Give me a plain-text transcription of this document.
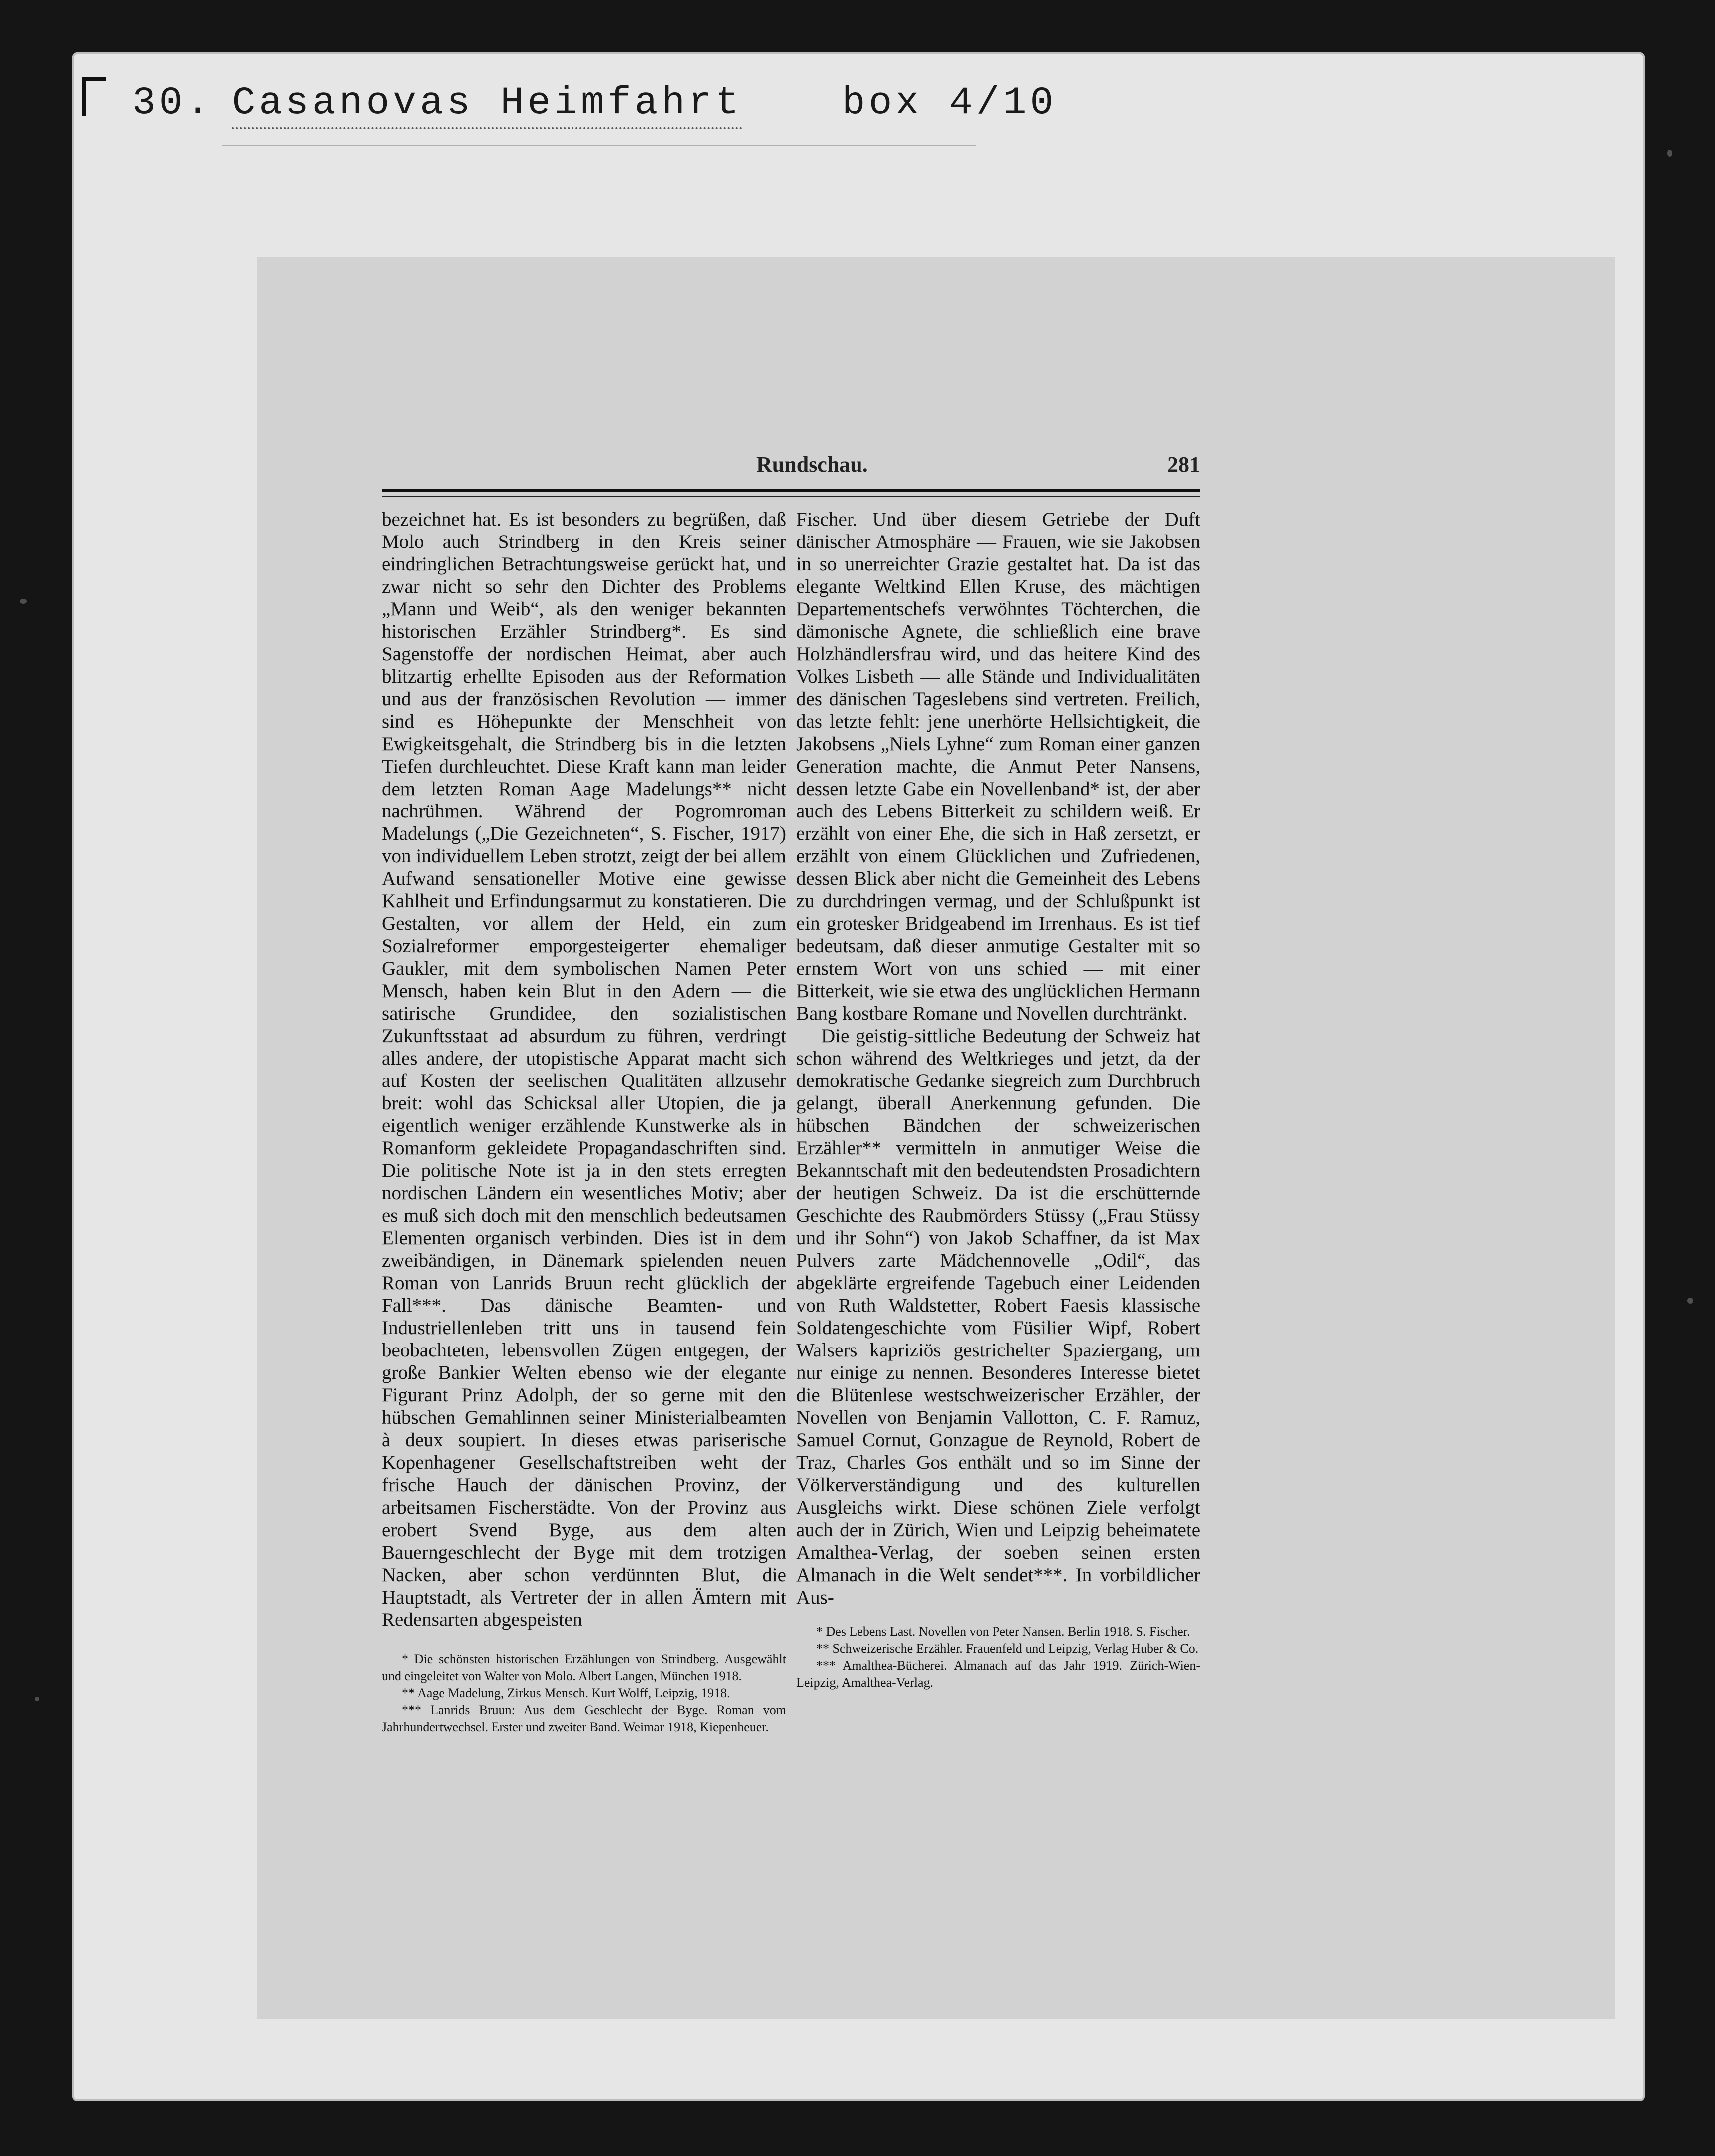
30. Casanovas Heimfahrt	box 4/10
Rundschau.	281

bezeichnet hat. Es ist besonders zu begrüßen, daß Molo auch Strindberg in den Kreis seiner eindringlichen Betrachtungsweise gerückt hat, und zwar nicht so sehr den Dichter des Problems „Mann und Weib“, als den weniger bekannten historischen Erzähler Strindberg*. Es sind Sagenstoffe der nordischen Heimat, aber auch blitzartig erhellte Episoden aus der Reformation und aus der französischen Revolution — immer sind es Höhepunkte der Menschheit von Ewigkeitsgehalt, die Strindberg bis in die letzten Tiefen durchleuchtet. Diese Kraft kann man leider dem letzten Roman Aage Madelungs** nicht nachrühmen. Während der Pogromroman Madelungs („Die Gezeichneten“, S. Fischer, 1917) von individuellem Leben strotzt, zeigt der bei allem Aufwand sensationeller Motive eine gewisse Kahlheit und Erfindungsarmut zu konstatieren. Die Gestalten, vor allem der Held, ein zum Sozialreformer emporgesteigerter ehemaliger Gaukler, mit dem symbolischen Namen Peter Mensch, haben kein Blut in den Adern — die satirische Grundidee, den sozialistischen Zukunftsstaat ad absurdum zu führen, verdringt alles andere, der utopistische Apparat macht sich auf Kosten der seelischen Qualitäten allzusehr breit: wohl das Schicksal aller Utopien, die ja eigentlich weniger erzählende Kunstwerke als in Romanform gekleidete Propagandaschriften sind. Die politische Note ist ja in den stets erregten nordischen Ländern ein wesentliches Motiv; aber es muß sich doch mit den menschlich bedeutsamen Elementen organisch verbinden. Dies ist in dem zweibändigen, in Dänemark spielenden neuen Roman von Lanrids Bruun recht glücklich der Fall***. Das dänische Beamten- und Industriellenleben tritt uns in tausend fein beobachteten, lebensvollen Zügen entgegen, der große Bankier Welten ebenso wie der elegante Figurant Prinz Adolph, der so gerne mit den hübschen Gemahlinnen seiner Ministerialbeamten à deux soupiert. In dieses etwas pariserische Kopenhagener Gesellschaftstreiben weht der frische Hauch der dänischen Provinz, der arbeitsamen Fischerstädte. Von der Provinz aus erobert Svend Byge, aus dem alten Bauerngeschlecht der Byge mit dem trotzigen Nacken, aber schon verdünnten Blut, die Hauptstadt, als Vertreter der in allen Ämtern mit Redensarten abgespeisten

* Die schönsten historischen Erzählungen von Strindberg. Ausgewählt und eingeleitet von Walter von Molo. Albert Langen, München 1918.

** Aage Madelung, Zirkus Mensch. Kurt Wolff, Leipzig, 1918.

*** Lanrids Bruun: Aus dem Geschlecht der Byge. Roman vom Jahrhundertwechsel. Erster und zweiter Band. Weimar 1918, Kiepenheuer.

Fischer. Und über diesem Getriebe der Duft dänischer Atmosphäre — Frauen, wie sie Jakobsen in so unerreichter Grazie gestaltet hat. Da ist das elegante Weltkind Ellen Kruse, des mächtigen Departementschefs verwöhntes Töchterchen, die dämonische Agnete, die schließlich eine brave Holzhändlersfrau wird, und das heitere Kind des Volkes Lisbeth — alle Stände und Individualitäten des dänischen Tageslebens sind vertreten. Freilich, das letzte fehlt: jene unerhörte Hellsichtigkeit, die Jakobsens „Niels Lyhne“ zum Roman einer ganzen Generation machte, die Anmut Peter Nansens, dessen letzte Gabe ein Novellenband* ist, der aber auch des Lebens Bitterkeit zu schildern weiß. Er erzählt von einer Ehe, die sich in Haß zersetzt, er erzählt von einem Glücklichen und Zufriedenen, dessen Blick aber nicht die Gemeinheit des Lebens zu durchdringen vermag, und der Schlußpunkt ist ein grotesker Bridgeabend im Irrenhaus. Es ist tief bedeutsam, daß dieser anmutige Gestalter mit so ernstem Wort von uns schied — mit einer Bitterkeit, wie sie etwa des unglücklichen Hermann Bang kostbare Romane und Novellen durchtränkt.

Die geistig-sittliche Bedeutung der Schweiz hat schon während des Weltkrieges und jetzt, da der demokratische Gedanke siegreich zum Durchbruch gelangt, überall Anerkennung gefunden. Die hübschen Bändchen der schweizerischen Erzähler** vermitteln in anmutiger Weise die Bekanntschaft mit den bedeutendsten Prosadichtern der heutigen Schweiz. Da ist die erschütternde Geschichte des Raubmörders Stüssy („Frau Stüssy und ihr Sohn“) von Jakob Schaffner, da ist Max Pulvers zarte Mädchennovelle „Odil“, das abgeklärte ergreifende Tagebuch einer Leidenden von Ruth Waldstetter, Robert Faesis klassische Soldatengeschichte vom Füsilier Wipf, Robert Walsers kapriziös gestrichelter Spaziergang, um nur einige zu nennen. Besonderes Interesse bietet die Blütenlese westschweizerischer Erzähler, der Novellen von Benjamin Vallotton, C. F. Ramuz, Samuel Cornut, Gonzague de Reynold, Robert de Traz, Charles Gos enthält und so im Sinne der Völkerverständigung und des kulturellen Ausgleichs wirkt. Diese schönen Ziele verfolgt auch der in Zürich, Wien und Leipzig beheimatete Amalthea-Verlag, der soeben seinen ersten Almanach in die Welt sendet***. In vorbildlicher Aus-

* Des Lebens Last. Novellen von Peter Nansen. Berlin 1918. S. Fischer.

** Schweizerische Erzähler. Frauenfeld und Leipzig, Verlag Huber & Co.

*** Amalthea-Bücherei. Almanach auf das Jahr 1919. Zürich-Wien-Leipzig, Amalthea-Verlag.
